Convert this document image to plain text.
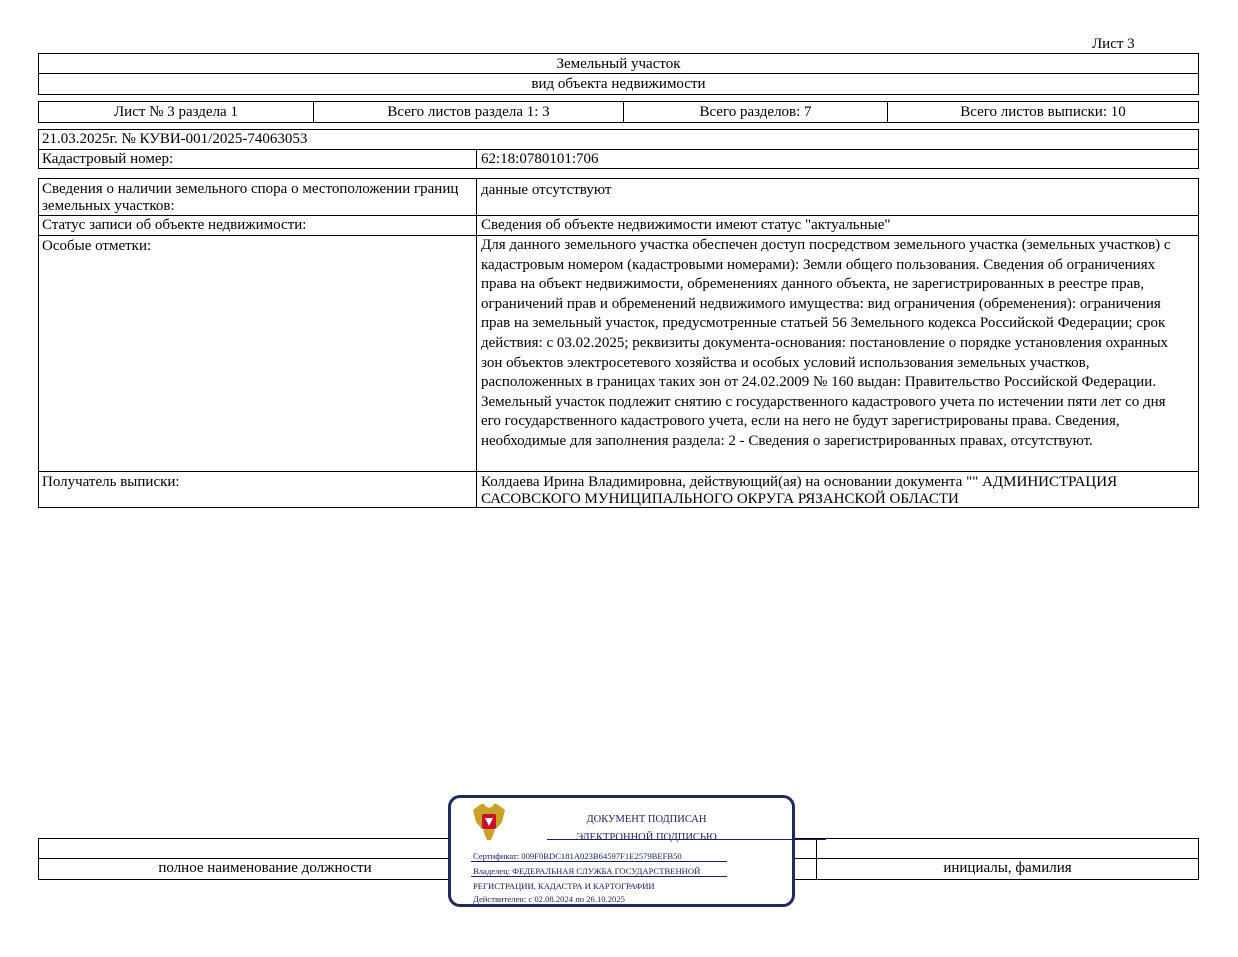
Лист 3
Земельный участок
вид объекта недвижимости
Лист № 3 раздела 1	Всего листов раздела 1: 3	Всего разделов: 7	Всего листов выписки: 10
21.03.2025г. № КУВИ-001/2025-74063053
Кадастровый номер:	62:18:0780101:706
Сведения о наличии земельного спора о местоположении границ земельных участков:
данные отсутствуют
Статус записи об объекте недвижимости:	Сведения об объекте недвижимости имеют статус "актуальные"
Особые отметки:	Для данного земельного участка обеспечен доступ посредством земельного участка (земельных участков) с кадастровым номером (кадастровыми номерами): Земли общего пользования. Сведения об ограничениях права на объект недвижимости, обременениях данного объекта, не зарегистрированных в реестре прав, ограничений прав и обременений недвижимого имущества: вид ограничения (обременения): ограничения прав на земельный участок, предусмотренные статьей 56 Земельного кодекса Российской Федерации; срок действия: с 03.02.2025; реквизиты документа-основания: постановление о порядке установления охранных зон объектов электросетевого хозяйства и особых условий использования земельных участков, расположенных в границах таких зон от 24.02.2009 № 160 выдан: Правительство Российской Федерации. Земельный участок подлежит снятию с государственного кадастрового учета по истечении пяти лет со дня его государственного кадастрового учета, если на него не будут зарегистрированы права. Сведения, необходимые для заполнения раздела: 2 - Сведения о зарегистрированных правах, отсутствуют.
Получатель выписки:	Колдаева Ирина Владимировна, действующий(ая) на основании документа "" АДМИНИСТРАЦИЯ САСОВСКОГО МУНИЦИПАЛЬНОГО ОКРУГА РЯЗАНСКОЙ ОБЛАСТИ
полное наименование должности	инициалы, фамилия
ДОКУМЕНТ ПОДПИСАН
ЭЛЕКТРОННОЙ ПОДПИСЬЮ
Сертификат: 009F0BDC181A023B64597F1E2579BEFB50
Владелец: ФЕДЕРАЛЬНАЯ СЛУЖБА ГОСУДАРСТВЕННОЙ
РЕГИСТРАЦИИ, КАДАСТРА И КАРТОГРАФИИ
Действителен: с 02.08.2024 по 26.10.2025
